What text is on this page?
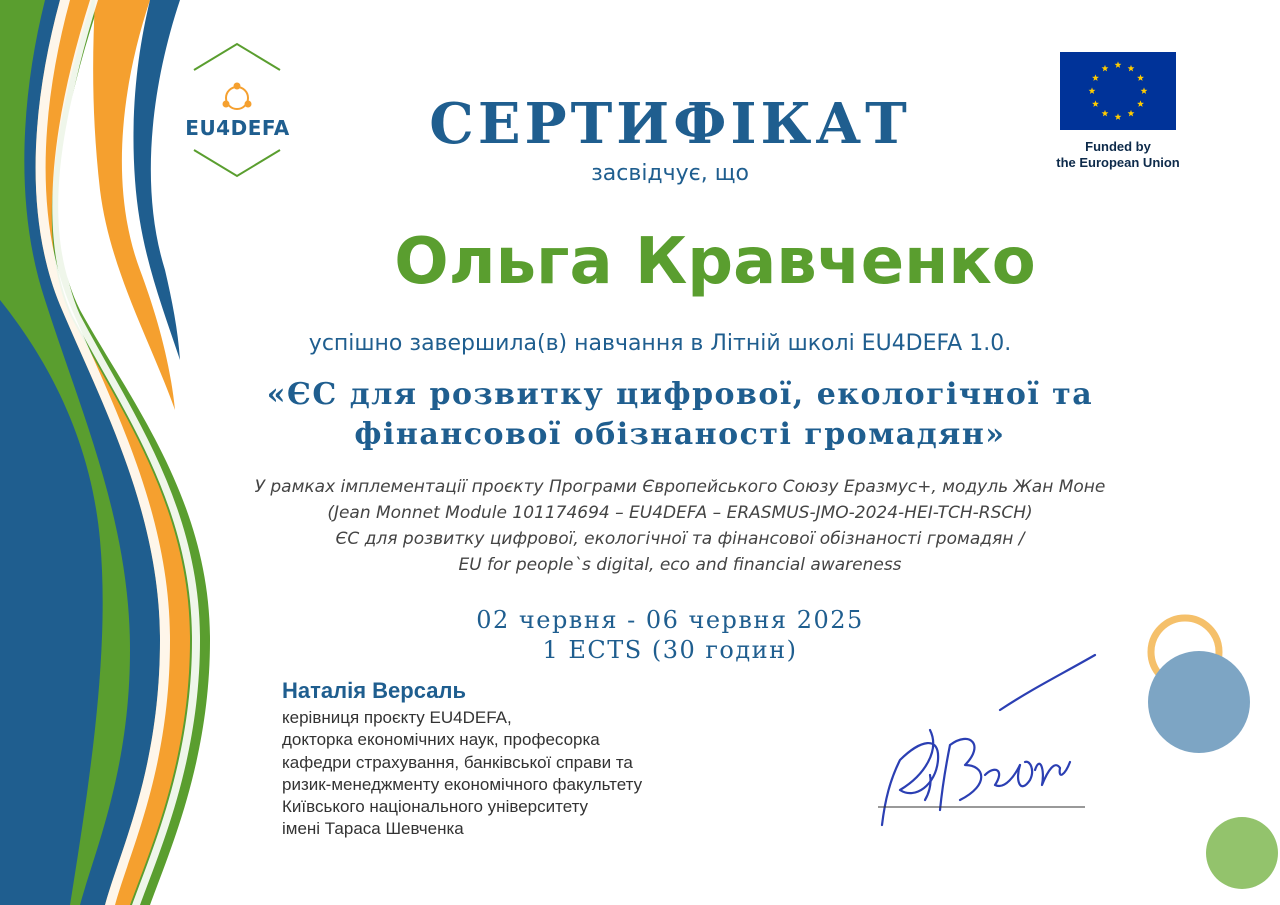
EU4DEFA
Funded by
the European Union
СЕРТИФІКАТ
засвідчує, що
Ольга Кравченко
успішно завершила(в) навчання в Літній школі EU4DEFA 1.0.
«ЄС для розвитку цифрової, екологічної та
фінансової обізнаності громадян»
У рамках імплементації проєкту Програми Європейського Союзу Еразмус+, модуль Жан Моне
(Jean Monnet Module 101174694 – EU4DEFA – ERASMUS-JMO-2024-HEI-TCH-RSCH)
ЄС для розвитку цифрової, екологічної та фінансової обізнаності громадян /
EU for people`s digital, eco and financial awareness
02 червня - 06 червня 2025
1 ECTS (30 годин)
Наталія Версаль
керівниця проєкту EU4DEFA,
докторка економічних наук, професорка
кафедри страхування, банківської справи та
ризик-менеджменту економічного факультету
Київського національного університету
імені Тараса Шевченка
